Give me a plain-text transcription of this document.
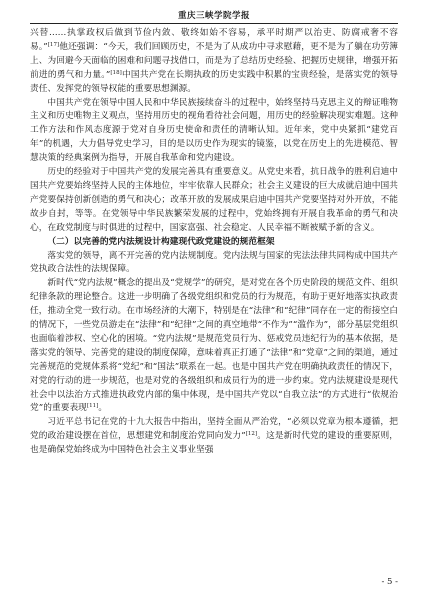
重庆三峡学院学报

兴替……执掌政权后做到节俭内敛、敬终如始不容易，承平时期严以治吏、防腐戒奢不容易。”[17]他还强调：“今天，我们回顾历史，不是为了从成功中寻求慰藉，更不是为了躺在功劳簿上、为回避今天面临的困难和问题寻找借口，而是为了总结历史经验、把握历史规律，增强开拓前进的勇气和力量。”[18]中国共产党在长期执政的历史实践中积累的宝贵经验，是落实党的领导责任、发挥党的领导权能的重要思想渊源。

中国共产党在领导中国人民和中华民族接续奋斗的过程中，始终坚持马克思主义的辩证唯物主义和历史唯物主义观点，坚持用历史的视角看待社会问题，用历史的经验解决现实难题。这种工作方法和作风态度源于党对自身历史使命和责任的清晰认知。近年来，党中央紧抓“建党百年”的机遇，大力倡导党史学习，目的是以历史作为现实的镜鉴，以党在历史上的先进模范、智慧决策的经典案例为指导，开展自我革命和党内建设。

历史的经验对于中国共产党的发展完善具有重要意义。从党史来看，抗日战争的胜利启迪中国共产党要始终坚持人民的主体地位，牢牢依靠人民群众；社会主义建设的巨大成就启迪中国共产党要保持创新创造的勇气和决心；改革开放的发展成果启迪中国共产党要坚持对外开放，不能故步自封，等等。在党领导中华民族繁荣发展的过程中，党始终拥有开展自我革命的勇气和决心，在政党制度与时俱进的过程中，国家富强、社会稳定、人民幸福不断被赋予新的含义。

（二）以完善的党内法规设计构建现代政党建设的规范框架

落实党的领导，离不开完善的党内法规制度。党内法规与国家的宪法法律共同构成中国共产党执政合法性的法规保障。

新时代“党内法规”概念的提出及“党规学”的研究，是对党在各个历史阶段的规范文件、组织纪律条款的理论整合。这进一步明确了各级党组织和党员的行为规范，有助于更好地落实执政责任，推动全党一致行动。在市场经济的大潮下，特别是在“法律”和“纪律”同存在一定的衔接空白的情况下，一些党员游走在“法律”和“纪律”之间的真空地带“不作为”“滥作为”，部分基层党组织也面临着涉权、空心化的困境。“党内法规”是规范党员行为、惩戒党员违纪行为的基本依据，是落实党的领导、完善党的建设的制度保障，意味着真正打通了“法律”和“党章”之间的渠道，通过完善规范的党规体系将“党纪”和“国法”联系在一起。也是中国共产党在明确执政责任的情况下，对党的行动的进一步规范，也是对党的各级组织和成员行为的进一步约束。党内法规建设是现代社会中以法治方式推进执政党内部的集中体现，是中国共产党以“自我立法”的方式进行“依规治党”的重要表现[11]。

习近平总书记在党的十九大报告中指出，坚持全面从严治党，“必须以党章为根本遵循，把党的政治建设摆在首位，思想建党和制度治党同向发力”[12]。这是新时代党的建设的重要原则，也是确保党始终成为中国特色社会主义事业坚强

- 5 -
